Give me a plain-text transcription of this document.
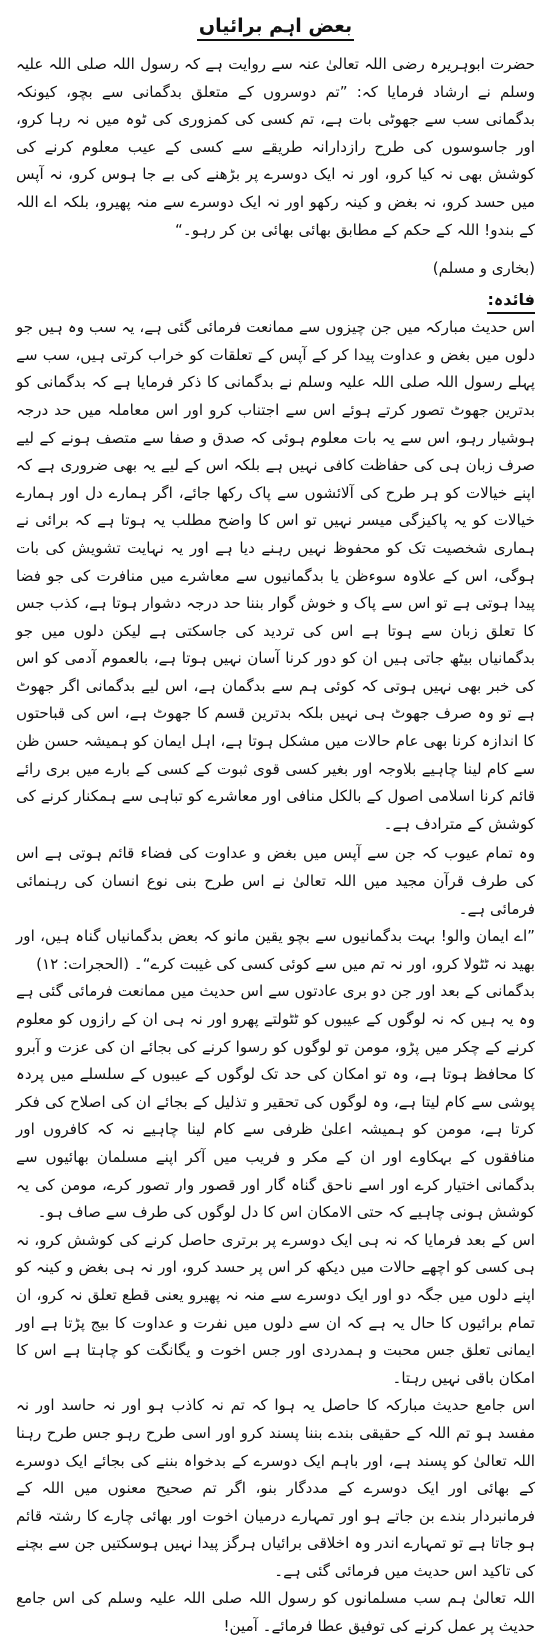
بعض اہم برائیاں

حضرت ابوہریرہ رضی اللہ تعالیٰ عنہ سے روایت ہے کہ رسول اللہ صلی اللہ علیہ وسلم نے ارشاد فرمایا کہ: ”تم دوسروں کے متعلق بدگمانی سے بچو، کیونکہ بدگمانی سب سے جھوٹی بات ہے، تم کسی کی کمزوری کی ٹوہ میں نہ رہا کرو، اور جاسوسوں کی طرح رازدارانہ طریقے سے کسی کے عیب معلوم کرنے کی کوشش بھی نہ کیا کرو، اور نہ ایک دوسرے پر بڑھنے کی بے جا ہوس کرو، نہ آپس میں حسد کرو، نہ بغض و کینہ رکھو اور نہ ایک دوسرے سے منہ پھیرو، بلکہ اے اللہ کے بندو! اللہ کے حکم کے مطابق بھائی بھائی بن کر رہو۔“

(بخاری و مسلم)
فائدہ:

اس حدیث مبارکہ میں جن چیزوں سے ممانعت فرمائی گئی ہے، یہ سب وہ ہیں جو دلوں میں بغض و عداوت پیدا کر کے آپس کے تعلقات کو خراب کرتی ہیں، سب سے پہلے رسول اللہ صلی اللہ علیہ وسلم نے بدگمانی کا ذکر فرمایا ہے کہ بدگمانی کو بدترین جھوٹ تصور کرتے ہوئے اس سے اجتناب کرو اور اس معاملہ میں حد درجہ ہوشیار رہو، اس سے یہ بات معلوم ہوئی کہ صدق و صفا سے متصف ہونے کے لیے صرف زبان ہی کی حفاظت کافی نہیں ہے بلکہ اس کے لیے یہ بھی ضروری ہے کہ اپنے خیالات کو ہر طرح کی آلائشوں سے پاک رکھا جائے، اگر ہمارے دل اور ہمارے خیالات کو یہ پاکیزگی میسر نہیں تو اس کا واضح مطلب یہ ہوتا ہے کہ برائی نے ہماری شخصیت تک کو محفوظ نہیں رہنے دیا ہے اور یہ نہایت تشویش کی بات ہوگی، اس کے علاوہ سوءظن یا بدگمانیوں سے معاشرے میں منافرت کی جو فضا پیدا ہوتی ہے تو اس سے پاک و خوش گوار بننا حد درجہ دشوار ہوتا ہے، کذب جس کا تعلق زبان سے ہوتا ہے اس کی تردید کی جاسکتی ہے لیکن دلوں میں جو بدگمانیاں بیٹھ جاتی ہیں ان کو دور کرنا آسان نہیں ہوتا ہے، بالعموم آدمی کو اس کی خبر بھی نہیں ہوتی کہ کوئی ہم سے بدگمان ہے، اس لیے بدگمانی اگر جھوٹ ہے تو وہ صرف جھوٹ ہی نہیں بلکہ بدترین قسم کا جھوٹ ہے، اس کی قباحتوں کا اندازہ کرنا بھی عام حالات میں مشکل ہوتا ہے، اہل ایمان کو ہمیشہ حسن ظن سے کام لینا چاہیے بلاوجہ اور بغیر کسی قوی ثبوت کے کسی کے بارے میں بری رائے قائم کرنا اسلامی اصول کے بالکل منافی اور معاشرے کو تباہی سے ہمکنار کرنے کی کوشش کے مترادف ہے۔

وہ تمام عیوب کہ جن سے آپس میں بغض و عداوت کی فضاء قائم ہوتی ہے اس کی طرف قرآن مجید میں اللہ تعالیٰ نے اس طرح بنی نوع انسان کی رہنمائی فرمائی ہے۔

”اے ایمان والو! بہت بدگمانیوں سے بچو یقین مانو کہ بعض بدگمانیاں گناہ ہیں، اور بھید نہ ٹٹولا کرو، اور نہ تم میں سے کوئی کسی کی غیبت کرے“۔ (الحجرات: ۱۲)

بدگمانی کے بعد اور جن دو بری عادتوں سے اس حدیث میں ممانعت فرمائی گئی ہے وہ یہ ہیں کہ نہ لوگوں کے عیبوں کو ٹٹولتے پھرو اور نہ ہی ان کے رازوں کو معلوم کرنے کے چکر میں پڑو، مومن تو لوگوں کو رسوا کرنے کی بجائے ان کی عزت و آبرو کا محافظ ہوتا ہے، وہ تو امکان کی حد تک لوگوں کے عیبوں کے سلسلے میں پردہ پوشی سے کام لیتا ہے، وہ لوگوں کی تحقیر و تذلیل کے بجائے ان کی اصلاح کی فکر کرتا ہے، مومن کو ہمیشہ اعلیٰ ظرفی سے کام لینا چاہیے نہ کہ کافروں اور منافقوں کے بہکاوے اور ان کے مکر و فریب میں آکر اپنے مسلمان بھائیوں سے بدگمانی اختیار کرے اور اسے ناحق گناہ گار اور قصور وار تصور کرے، مومن کی یہ کوشش ہونی چاہیے کہ حتی الامکان اس کا دل لوگوں کی طرف سے صاف ہو۔

اس کے بعد فرمایا کہ نہ ہی ایک دوسرے پر برتری حاصل کرنے کی کوشش کرو، نہ ہی کسی کو اچھے حالات میں دیکھ کر اس پر حسد کرو، اور نہ ہی بغض و کینہ کو اپنے دلوں میں جگہ دو اور ایک دوسرے سے منہ نہ پھیرو یعنی قطع تعلق نہ کرو، ان تمام برائیوں کا حال یہ ہے کہ ان سے دلوں میں نفرت و عداوت کا بیج پڑتا ہے اور ایمانی تعلق جس محبت و ہمدردی اور جس اخوت و یگانگت کو چاہتا ہے اس کا امکان باقی نہیں رہتا۔

اس جامع حدیث مبارکہ کا حاصل یہ ہوا کہ تم نہ کاذب ہو اور نہ حاسد اور نہ مفسد ہو تم اللہ کے حقیقی بندے بننا پسند کرو اور اسی طرح رہو جس طرح رہنا اللہ تعالیٰ کو پسند ہے، اور باہم ایک دوسرے کے بدخواہ بننے کی بجائے ایک دوسرے کے بھائی اور ایک دوسرے کے مددگار بنو، اگر تم صحیح معنوں میں اللہ کے فرمانبردار بندے بن جاتے ہو اور تمہارے درمیان اخوت اور بھائی چارے کا رشتہ قائم ہو جاتا ہے تو تمہارے اندر وہ اخلاقی برائیاں ہرگز پیدا نہیں ہوسکتیں جن سے بچنے کی تاکید اس حدیث میں فرمائی گئی ہے۔

اللہ تعالیٰ ہم سب مسلمانوں کو رسول اللہ صلی اللہ علیہ وسلم کی اس جامع حدیث پر عمل کرنے کی توفیق عطا فرمائے۔ آمین!
